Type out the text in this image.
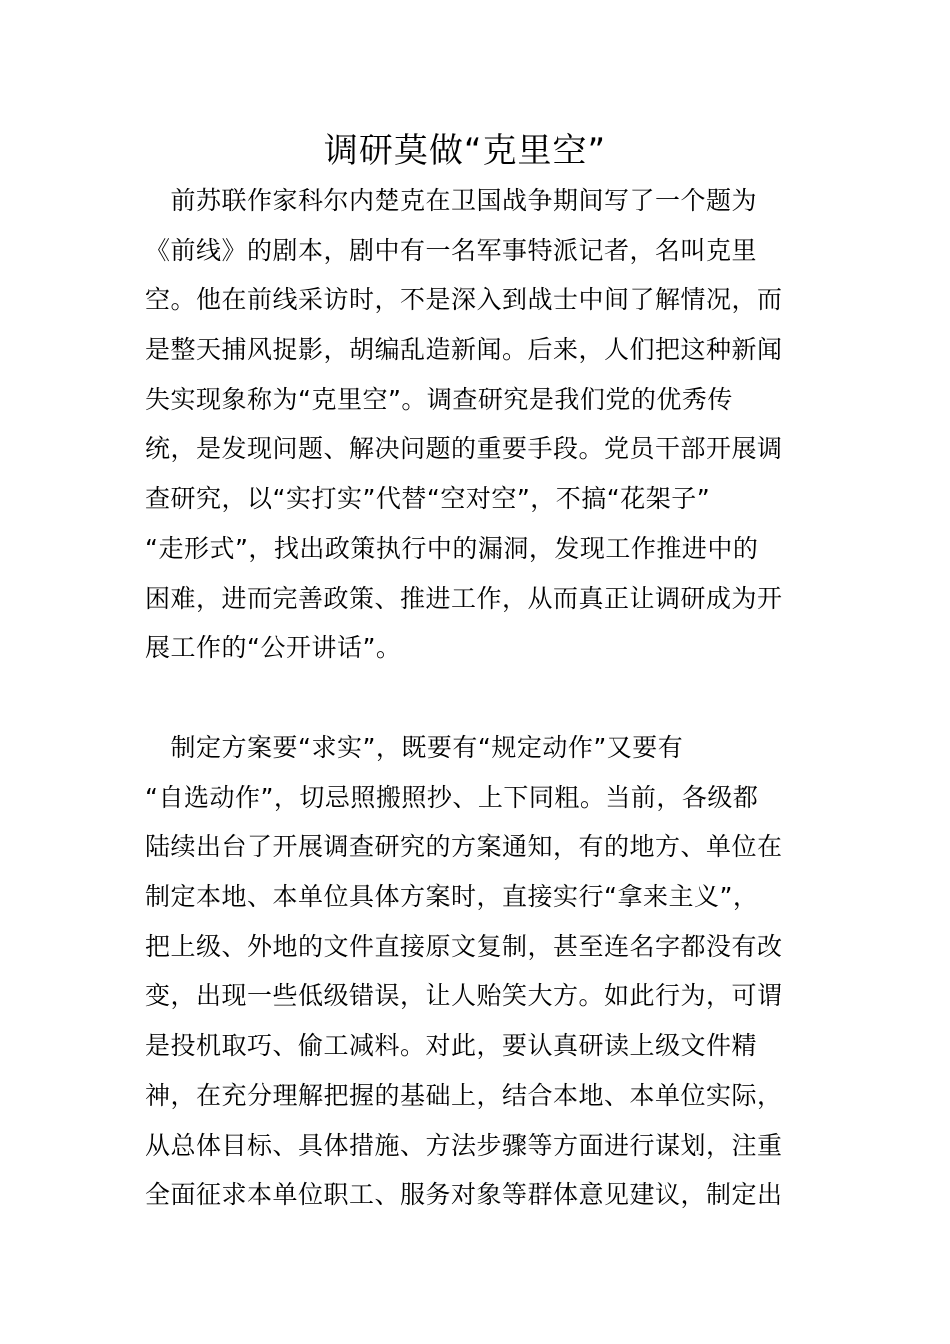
调研莫做“克里空”
　前苏联作家科尔内楚克在卫国战争期间写了一个题为
《前线》的剧本，剧中有一名军事特派记者，名叫克里
空。他在前线采访时，不是深入到战士中间了解情况，而
是整天捕风捉影，胡编乱造新闻。后来，人们把这种新闻
失实现象称为“克里空”。调查研究是我们党的优秀传
统，是发现问题、解决问题的重要手段。党员干部开展调
查研究，以“实打实”代替“空对空”，不搞“花架子”
“走形式”，找出政策执行中的漏洞，发现工作推进中的
困难，进而完善政策、推进工作，从而真正让调研成为开
展工作的“公开讲话”。
　制定方案要“求实”，既要有“规定动作”又要有
“自选动作”，切忌照搬照抄、上下同粗。当前，各级都
陆续出台了开展调查研究的方案通知，有的地方、单位在
制定本地、本单位具体方案时，直接实行“拿来主义”，
把上级、外地的文件直接原文复制，甚至连名字都没有改
变，出现一些低级错误，让人贻笑大方。如此行为，可谓
是投机取巧、偷工减料。对此，要认真研读上级文件精
神，在充分理解把握的基础上，结合本地、本单位实际，
从总体目标、具体措施、方法步骤等方面进行谋划，注重
全面征求本单位职工、服务对象等群体意见建议，制定出
